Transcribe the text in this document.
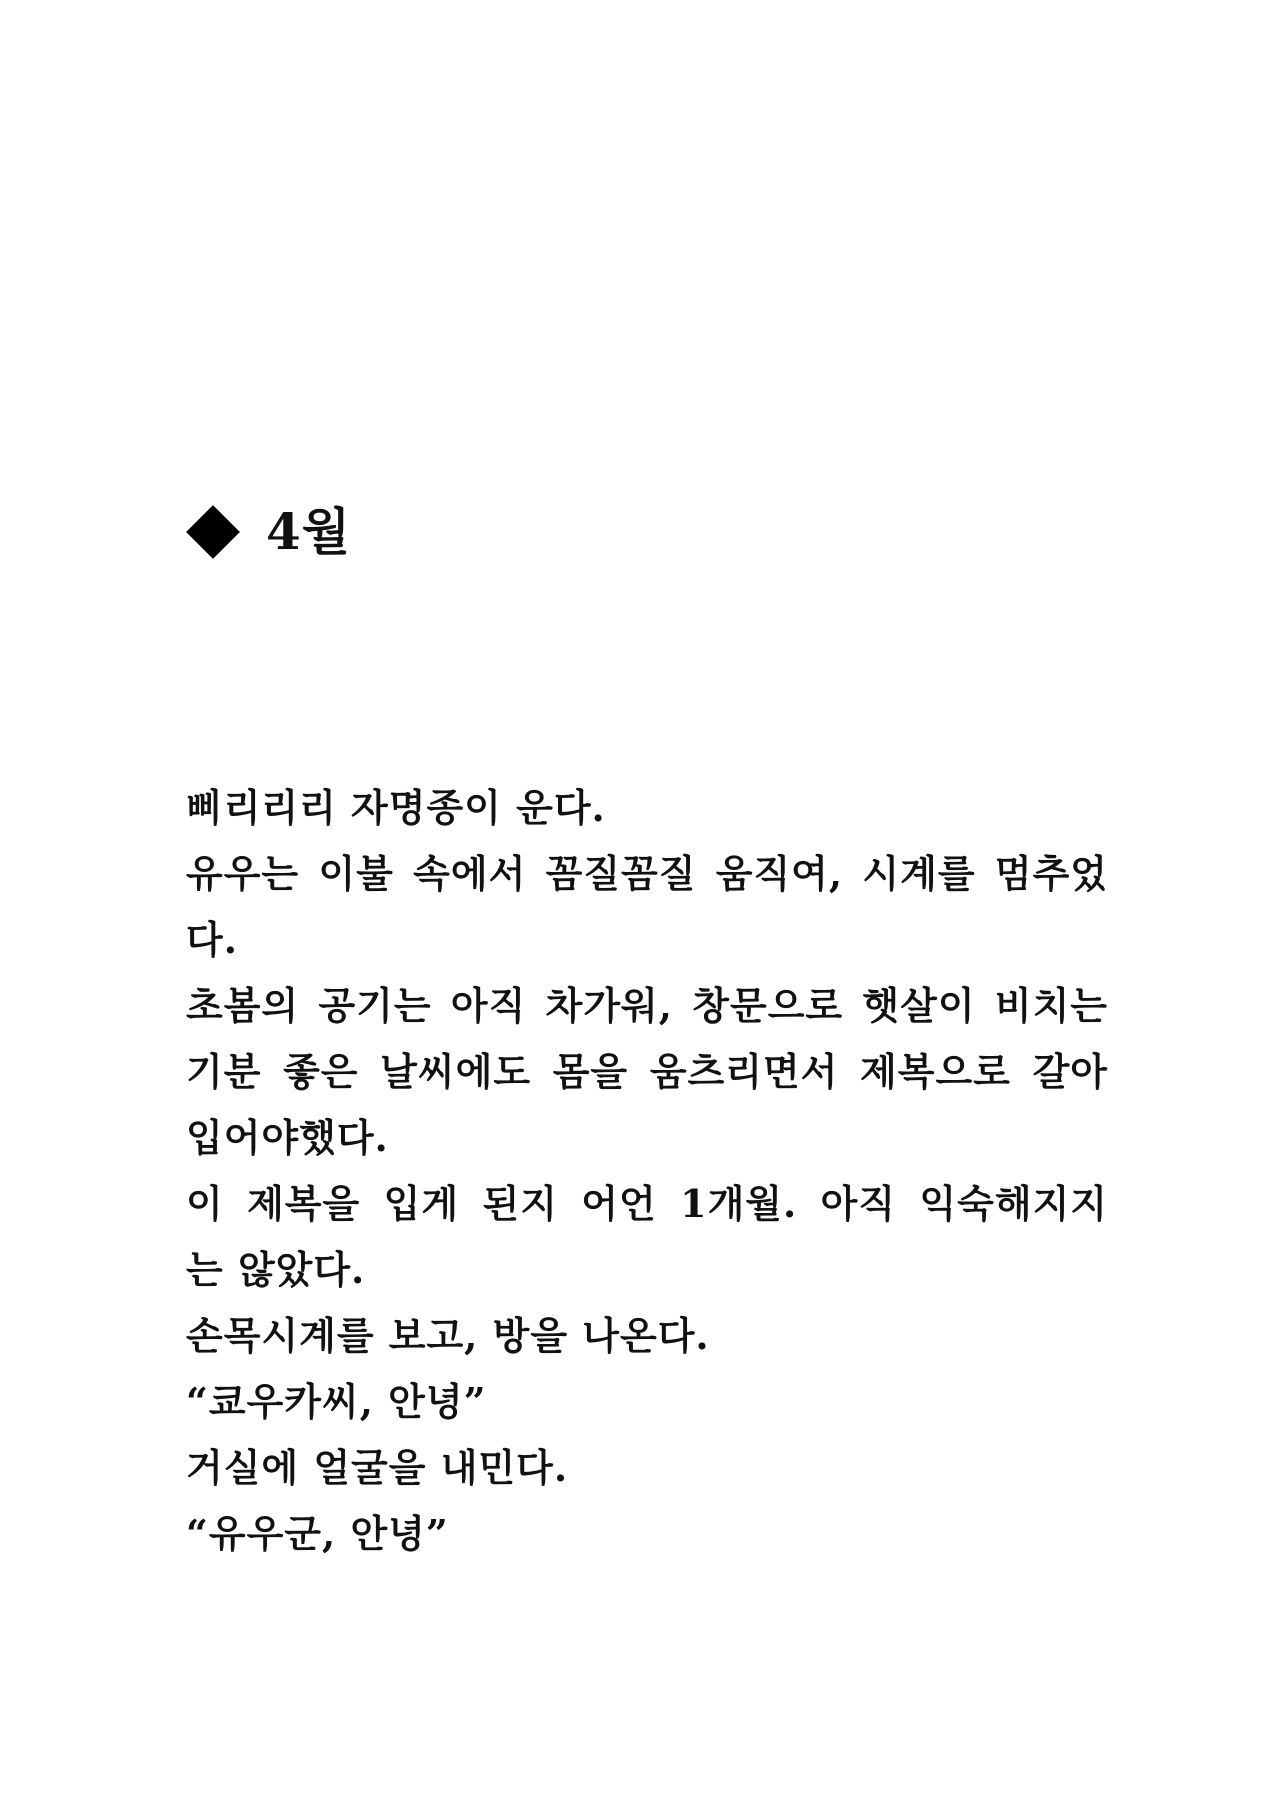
4월
삐리리리 자명종이 운다.
유우는 이불 속에서 꼼질꼼질 움직여, 시계를 멈추었
다.
초봄의 공기는 아직 차가워, 창문으로 햇살이 비치는
기분 좋은 날씨에도 몸을 움츠리면서 제복으로 갈아
입어야했다.
이 제복을 입게 된지 어언 1개월. 아직 익숙해지지
는 않았다.
손목시계를 보고, 방을 나온다.
“쿄우카씨, 안녕”
거실에 얼굴을 내민다.
“유우군, 안녕”
